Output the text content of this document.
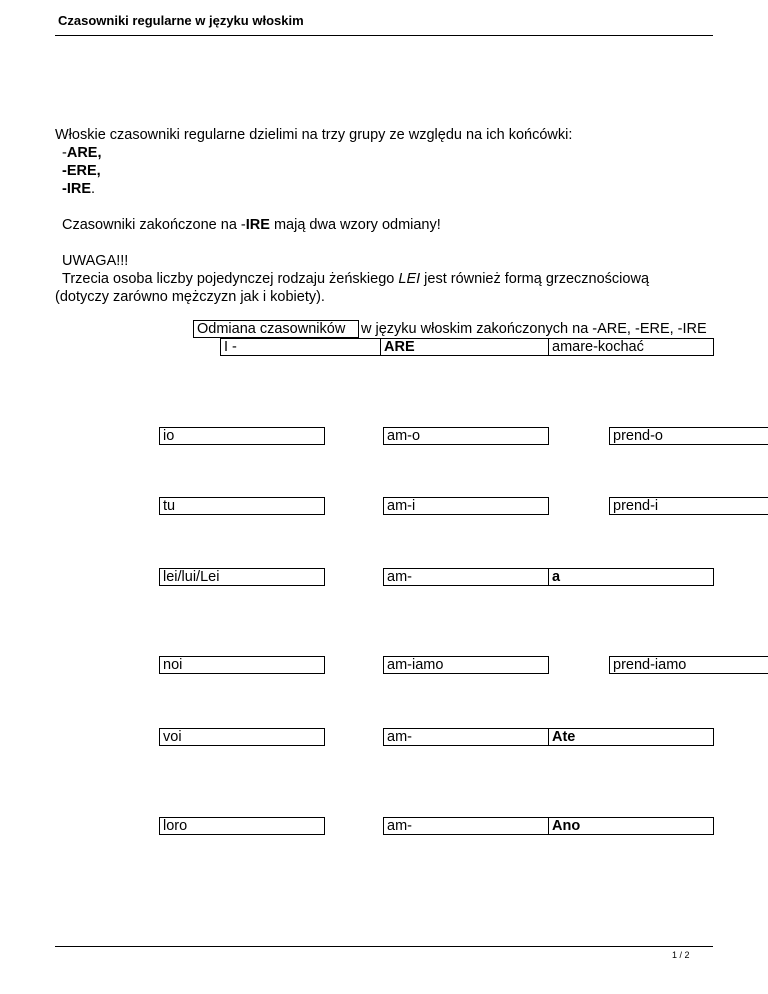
Czasowniki regularne w języku włoskim
Włoskie czasowniki regularne dzielimi na trzy grupy ze względu na ich końcówki:
-ARE,
-ERE,
-IRE.
Czasowniki zakończone na -IRE mają dwa wzory odmiany!
UWAGA!!!
Trzecia osoba liczby pojedynczej rodzaju żeńskiego LEI jest również formą grzecznościową
(dotyczy zarówno mężczyzn jak i kobiety).
Odmiana czasowników	w języku włoskim zakończonych na -ARE, -ERE, -IRE
I -	ARE	amare-kochać
io	am-o	prend-o
tu	am-i	prend-i
lei/lui/Lei	am-	a
noi	am-iamo	prend-iamo
voi	am-	Ate
loro	am-	Ano
1 / 2
